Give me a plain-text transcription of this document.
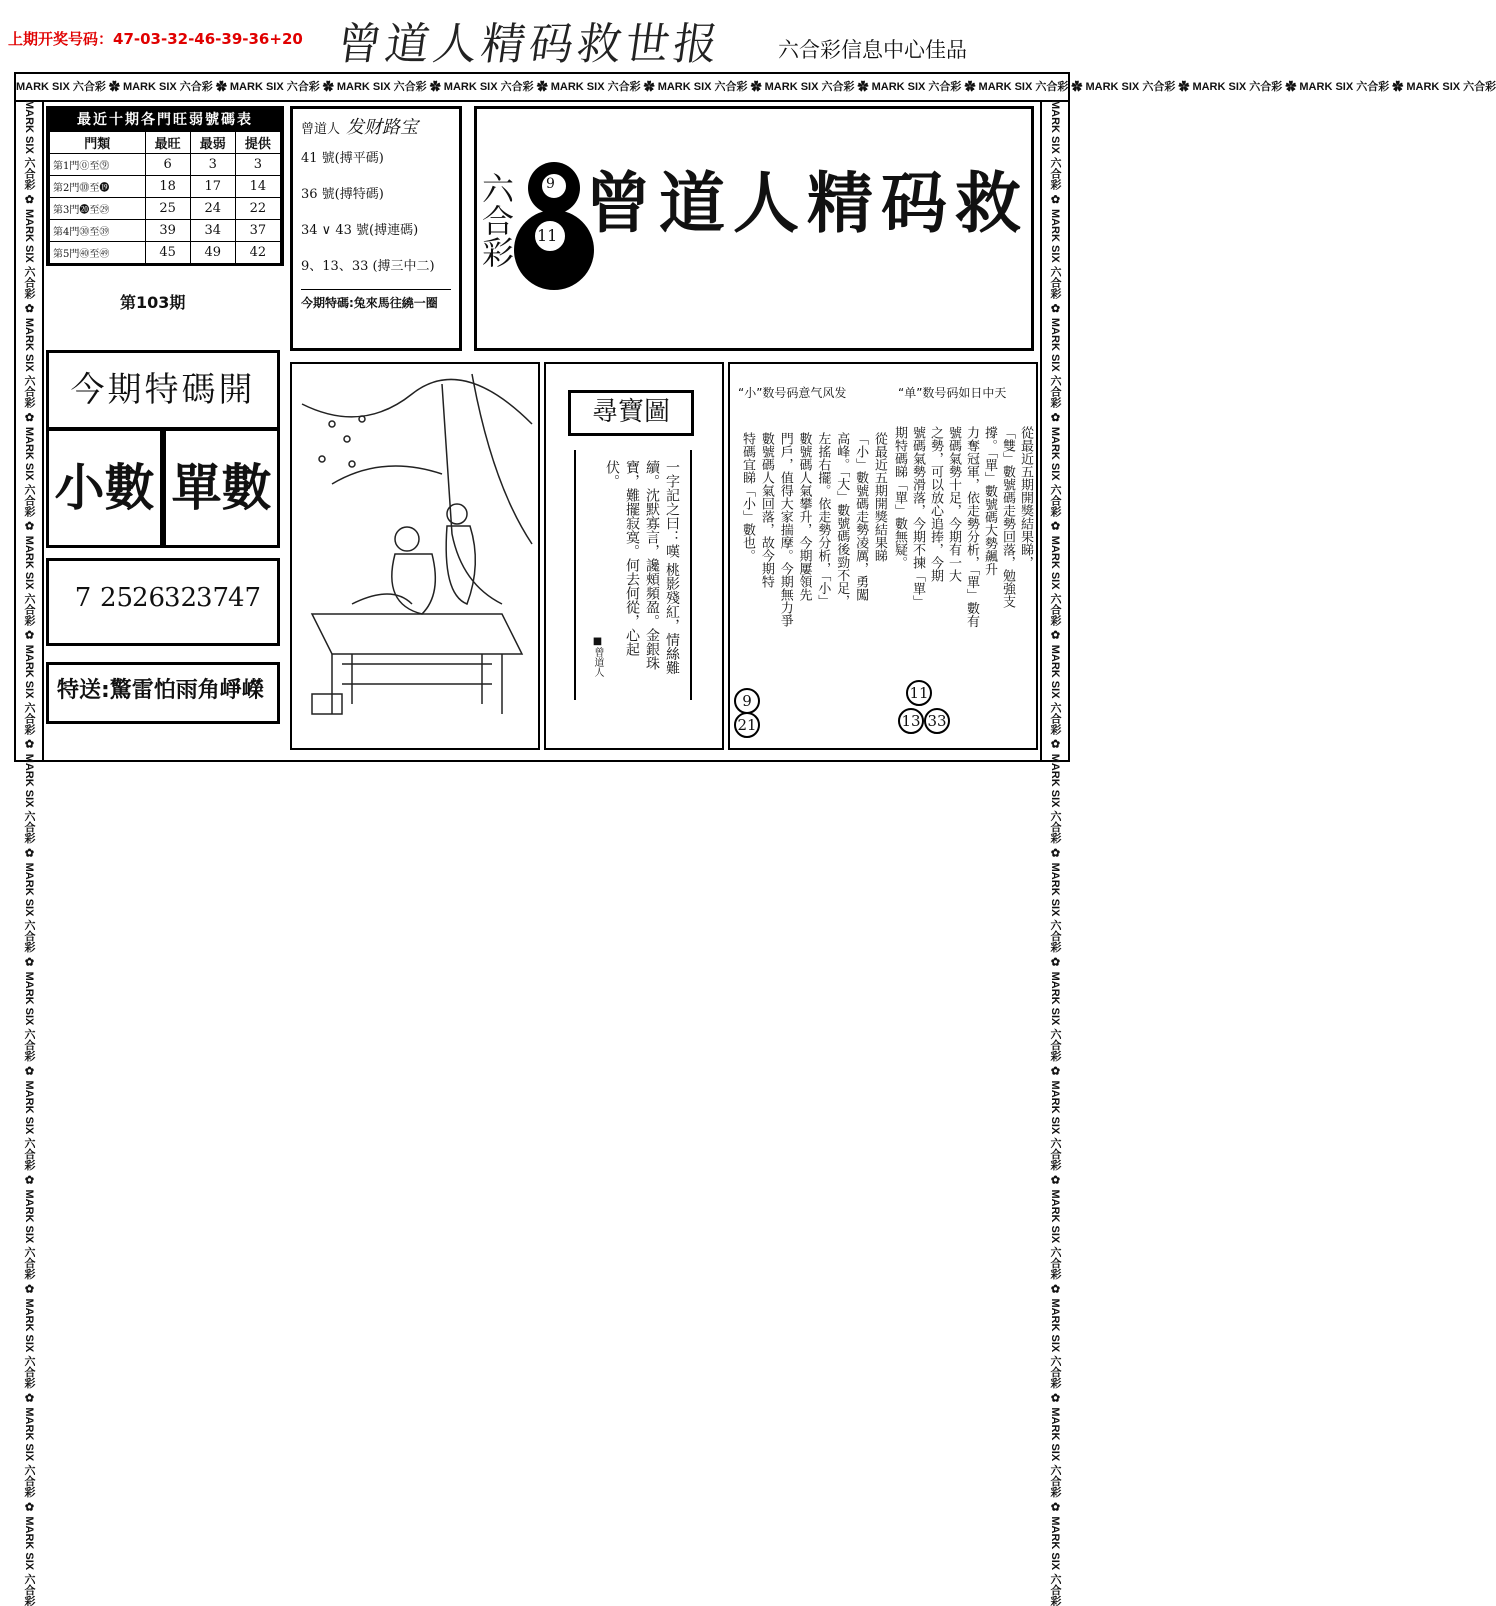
上期开奖号码：47-03-32-46-39-36+20 曾道人精码救世报	六合彩信息中心佳品
MARK SIX 六合彩 ✿ MARK SIX 六合彩 ✿ MARK SIX 六合彩 ✿ MARK SIX 六合彩 ✿ MARK SIX 六合彩 ✿ MARK SIX 六合彩 ✿ MARK SIX 六合彩 ✿ MARK SIX 六合彩 ✿ MARK SIX 六合彩 ✿ MARK SIX 六合彩 ✿ MARK SIX 六合彩 ✿ MARK SIX 六合彩 ✿ MARK SIX 六合彩 ✿ MARK SIX 六合彩
MARK SIX 六合彩 ✿ MARK SIX 六合彩 ✿ MARK SIX 六合彩 ✿ MARK SIX 六合彩 ✿ MARK SIX 六合彩 ✿ MARK SIX 六合彩 ✿ MARK SIX 六合彩 ✿ MARK SIX 六合彩 ✿ MARK SIX 六合彩 ✿ MARK SIX 六合彩 ✿ MARK SIX 六合彩 ✿ MARK SIX 六合彩 ✿ MARK SIX 六合彩 ✿ MARK SIX 六合彩	MARK SIX 六合彩 ✿ MARK SIX 六合彩 ✿ MARK SIX 六合彩 ✿ MARK SIX 六合彩 ✿ MARK SIX 六合彩 ✿ MARK SIX 六合彩 ✿ MARK SIX 六合彩 ✿ MARK SIX 六合彩 ✿ MARK SIX 六合彩 ✿ MARK SIX 六合彩 ✿ MARK SIX 六合彩 ✿ MARK SIX 六合彩 ✿ MARK SIX 六合彩 ✿ MARK SIX 六合彩
最近十期各門旺弱號碼表
門類	最旺	最弱	提供
第1門⓪至⓽	6	3	3
第2門⓾至⓳	18	17	14
第3門⓴至㉙	25	24	22
第4門㉚至㊴	39	34	37
第5門㊵至㊾	45	49	42
第103期
曾道人 发财路宝
41 號(搏平碼)
36 號(搏特碼)
34 ∨ 43 號(搏連碼)
9、13、33 (搏三中二)
今期特碼:兔來馬往繞一圈
六合彩 9
11 曾道人精码救
今期特碼開
小數 單數
7 25
26
32
37
47
特送:驚雷怕雨角崢嶸
尋寶圖
一字記之曰：嘆 桃影殘紅，情絲難續。沈默寡言，讒頰頻盈。金銀珠寶，難擺寂寞。何去何從，心起伏。
■曾道人
“小”数号码意气风发	“单”数号码如日中天
從最近五期開獎結果睇
「小」數號碼走勢凌厲，勇闖
高峰。「大」數號碼後勁不足，
左搖右擺。依走勢分析，「小」
數號碼人氣攀升，今期屢領先
門戶，值得大家揣摩。今期無力爭
數號碼人氣回落，故今期特
特碼宜睇「小」數也。	從最近五期開獎結果睇，
「雙」數號碼走勢回落，勉強支
撐。「單」數號碼大勢飆升
力奪冠軍，依走勢分析，「單」數有
號碼氣勢十足，今期有一大
之勢，可以放心追捧，今期
號碼氣勢滑落，今期不揀「單」
期特碼睇「單」數無疑。
9
21
11
13 33
